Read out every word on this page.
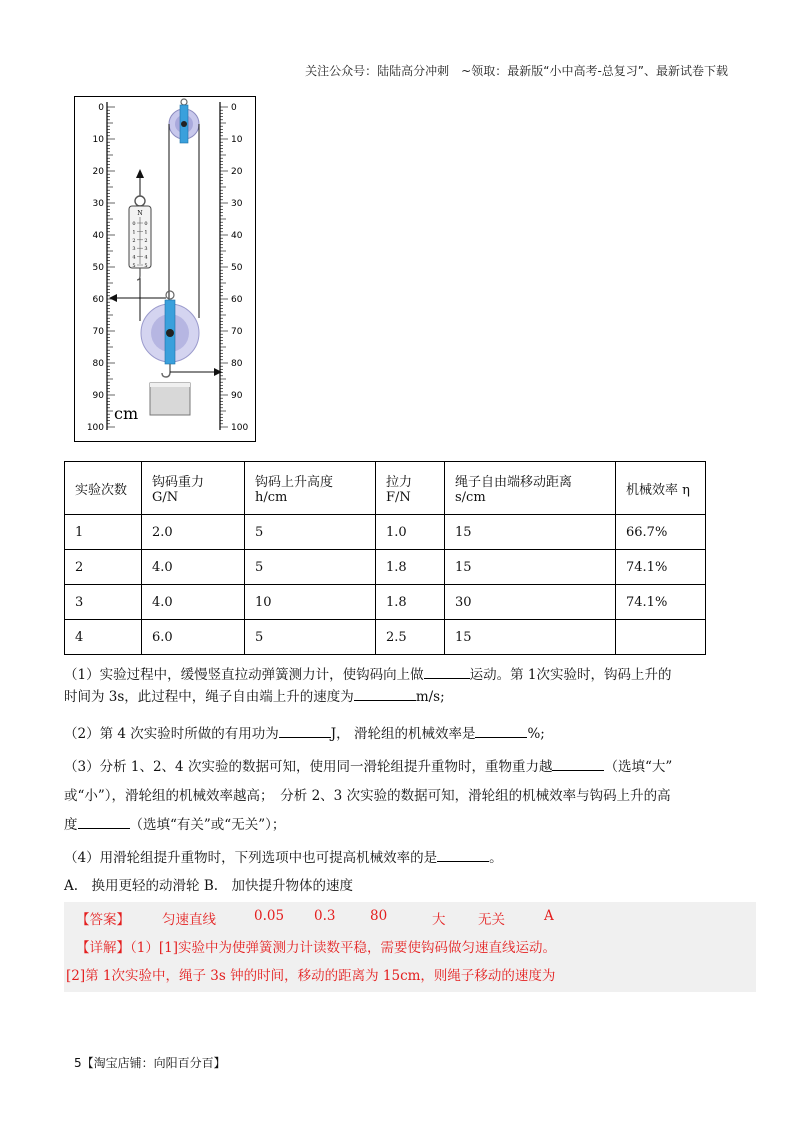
关注公众号：陆陆高分冲刺　~领取：最新版“小中高考-总复习”、最新试卷下载
0	0
10	10
20	20
30	30
40	40
50	50
60	60
70	70
80	80
90	90
100	100
cm
N
0 0
1 1
2 2
3 3
4 4
5 5
实验次数	钩码重力 G/N	钩码上升高度 h/cm	拉力 F/N	绳子自由端移动距离 s/cm	机械效率 η
1	2.0	5	1.0	15	66.7%
2	4.0	5	1.8	15	74.1%
3	4.0	10	1.8	30	74.1%
4	6.0	5	2.5	15	
（1）实验过程中，缓慢竖直拉动弹簧测力计，使钩码向上做	运动。第 1次实验时，钩码上升的
时间为 3s，此过程中，绳子自由端上升的速度为	m/s;
（2）第 4 次实验时所做的有用功为	J， 滑轮组的机械效率是	%;
（3）分析 1、2、4 次实验的数据可知，使用同一滑轮组提升重物时，重物重力越	（选填“大”
或“小”），滑轮组的机械效率越高；　分析 2、3 次实验的数据可知，滑轮组的机械效率与钩码上升的高
度	（选填“有关”或“无关”）；
（4）用滑轮组提升重物时，下列选项中也可提高机械效率的是	。
A.　换用更轻的动滑轮 B.　加快提升物体的速度
【答案】 匀速直线	0.05 0.3	80	大 无关	A
【详解】（1）[1]实验中为使弹簧测力计读数平稳，需要使钩码做匀速直线运动。
[2]第 1次实验中，绳子 3s 钟的时间，移动的距离为 15cm，则绳子移动的速度为
5【淘宝店铺：向阳百分百】
